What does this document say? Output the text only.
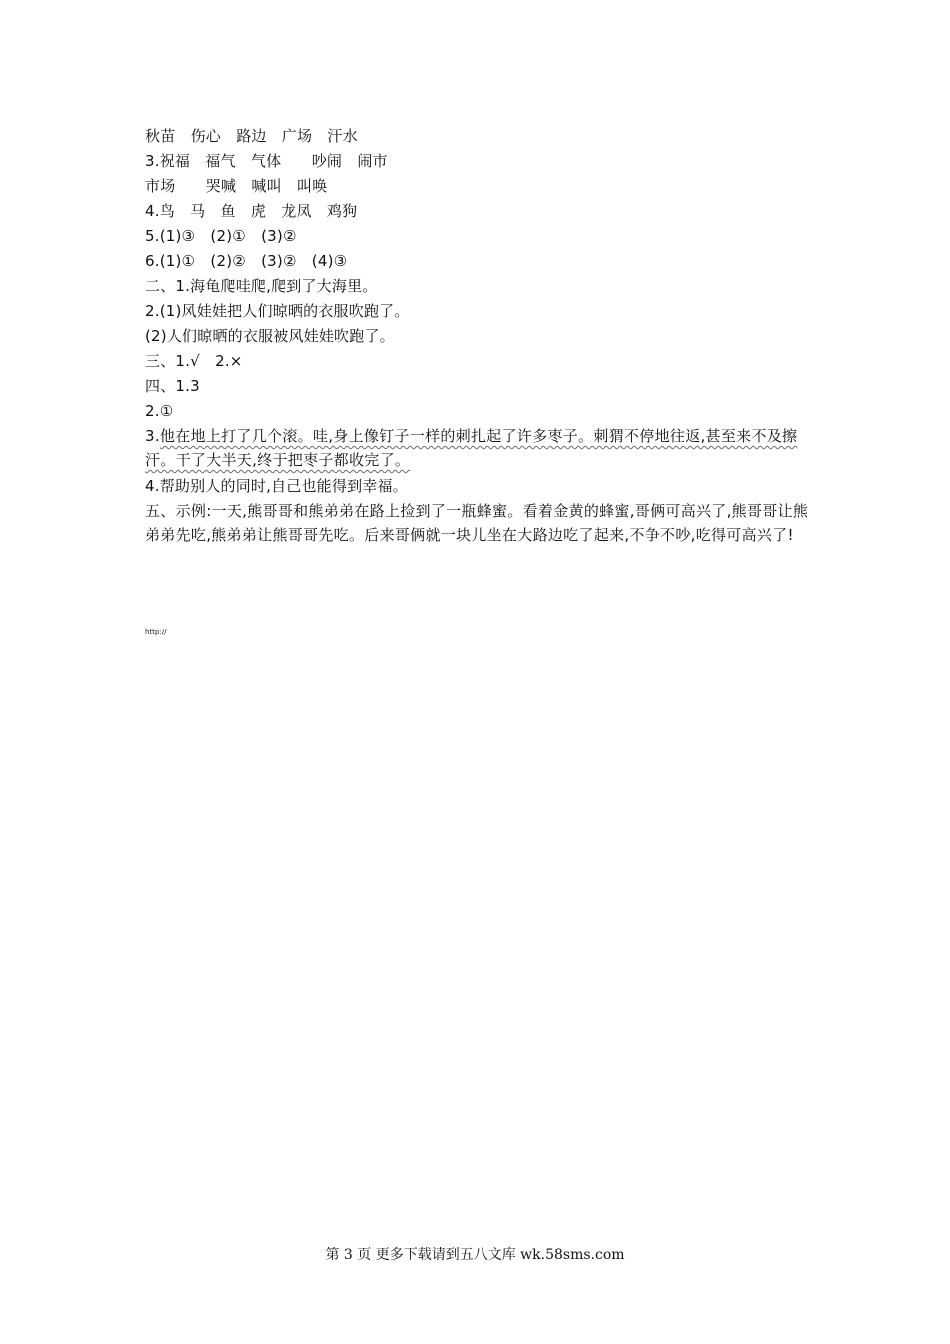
秋苗　伤心　路边　广场　汗水
3.祝福　福气　气体　　吵闹　闹市
市场　　哭喊　喊叫　叫唤
4.鸟　马　鱼　虎　龙凤　鸡狗
5.(1)③　(2)①　(3)②
6.(1)①　(2)②　(3)②　(4)③
二、1.海龟爬哇爬,爬到了大海里。
2.(1)风娃娃把人们晾晒的衣服吹跑了。
(2)人们晾晒的衣服被风娃娃吹跑了。
三、1.√　2.×
四、1.3
2.①
3.他在地上打了几个滚。哇,身上像钉子一样的刺扎起了许多枣子。刺猬不停地往返,甚至来不及擦汗。干了大半天,终于把枣子都收完了。
4.帮助别人的同时,自己也能得到幸福。
五、示例:一天,熊哥哥和熊弟弟在路上捡到了一瓶蜂蜜。看着金黄的蜂蜜,哥俩可高兴了,熊哥哥让熊弟弟先吃,熊弟弟让熊哥哥先吃。后来哥俩就一块儿坐在大路边吃了起来,不争不吵,吃得可高兴了!
http://
第 3 页 更多下载请到五八文库 wk.58sms.com
